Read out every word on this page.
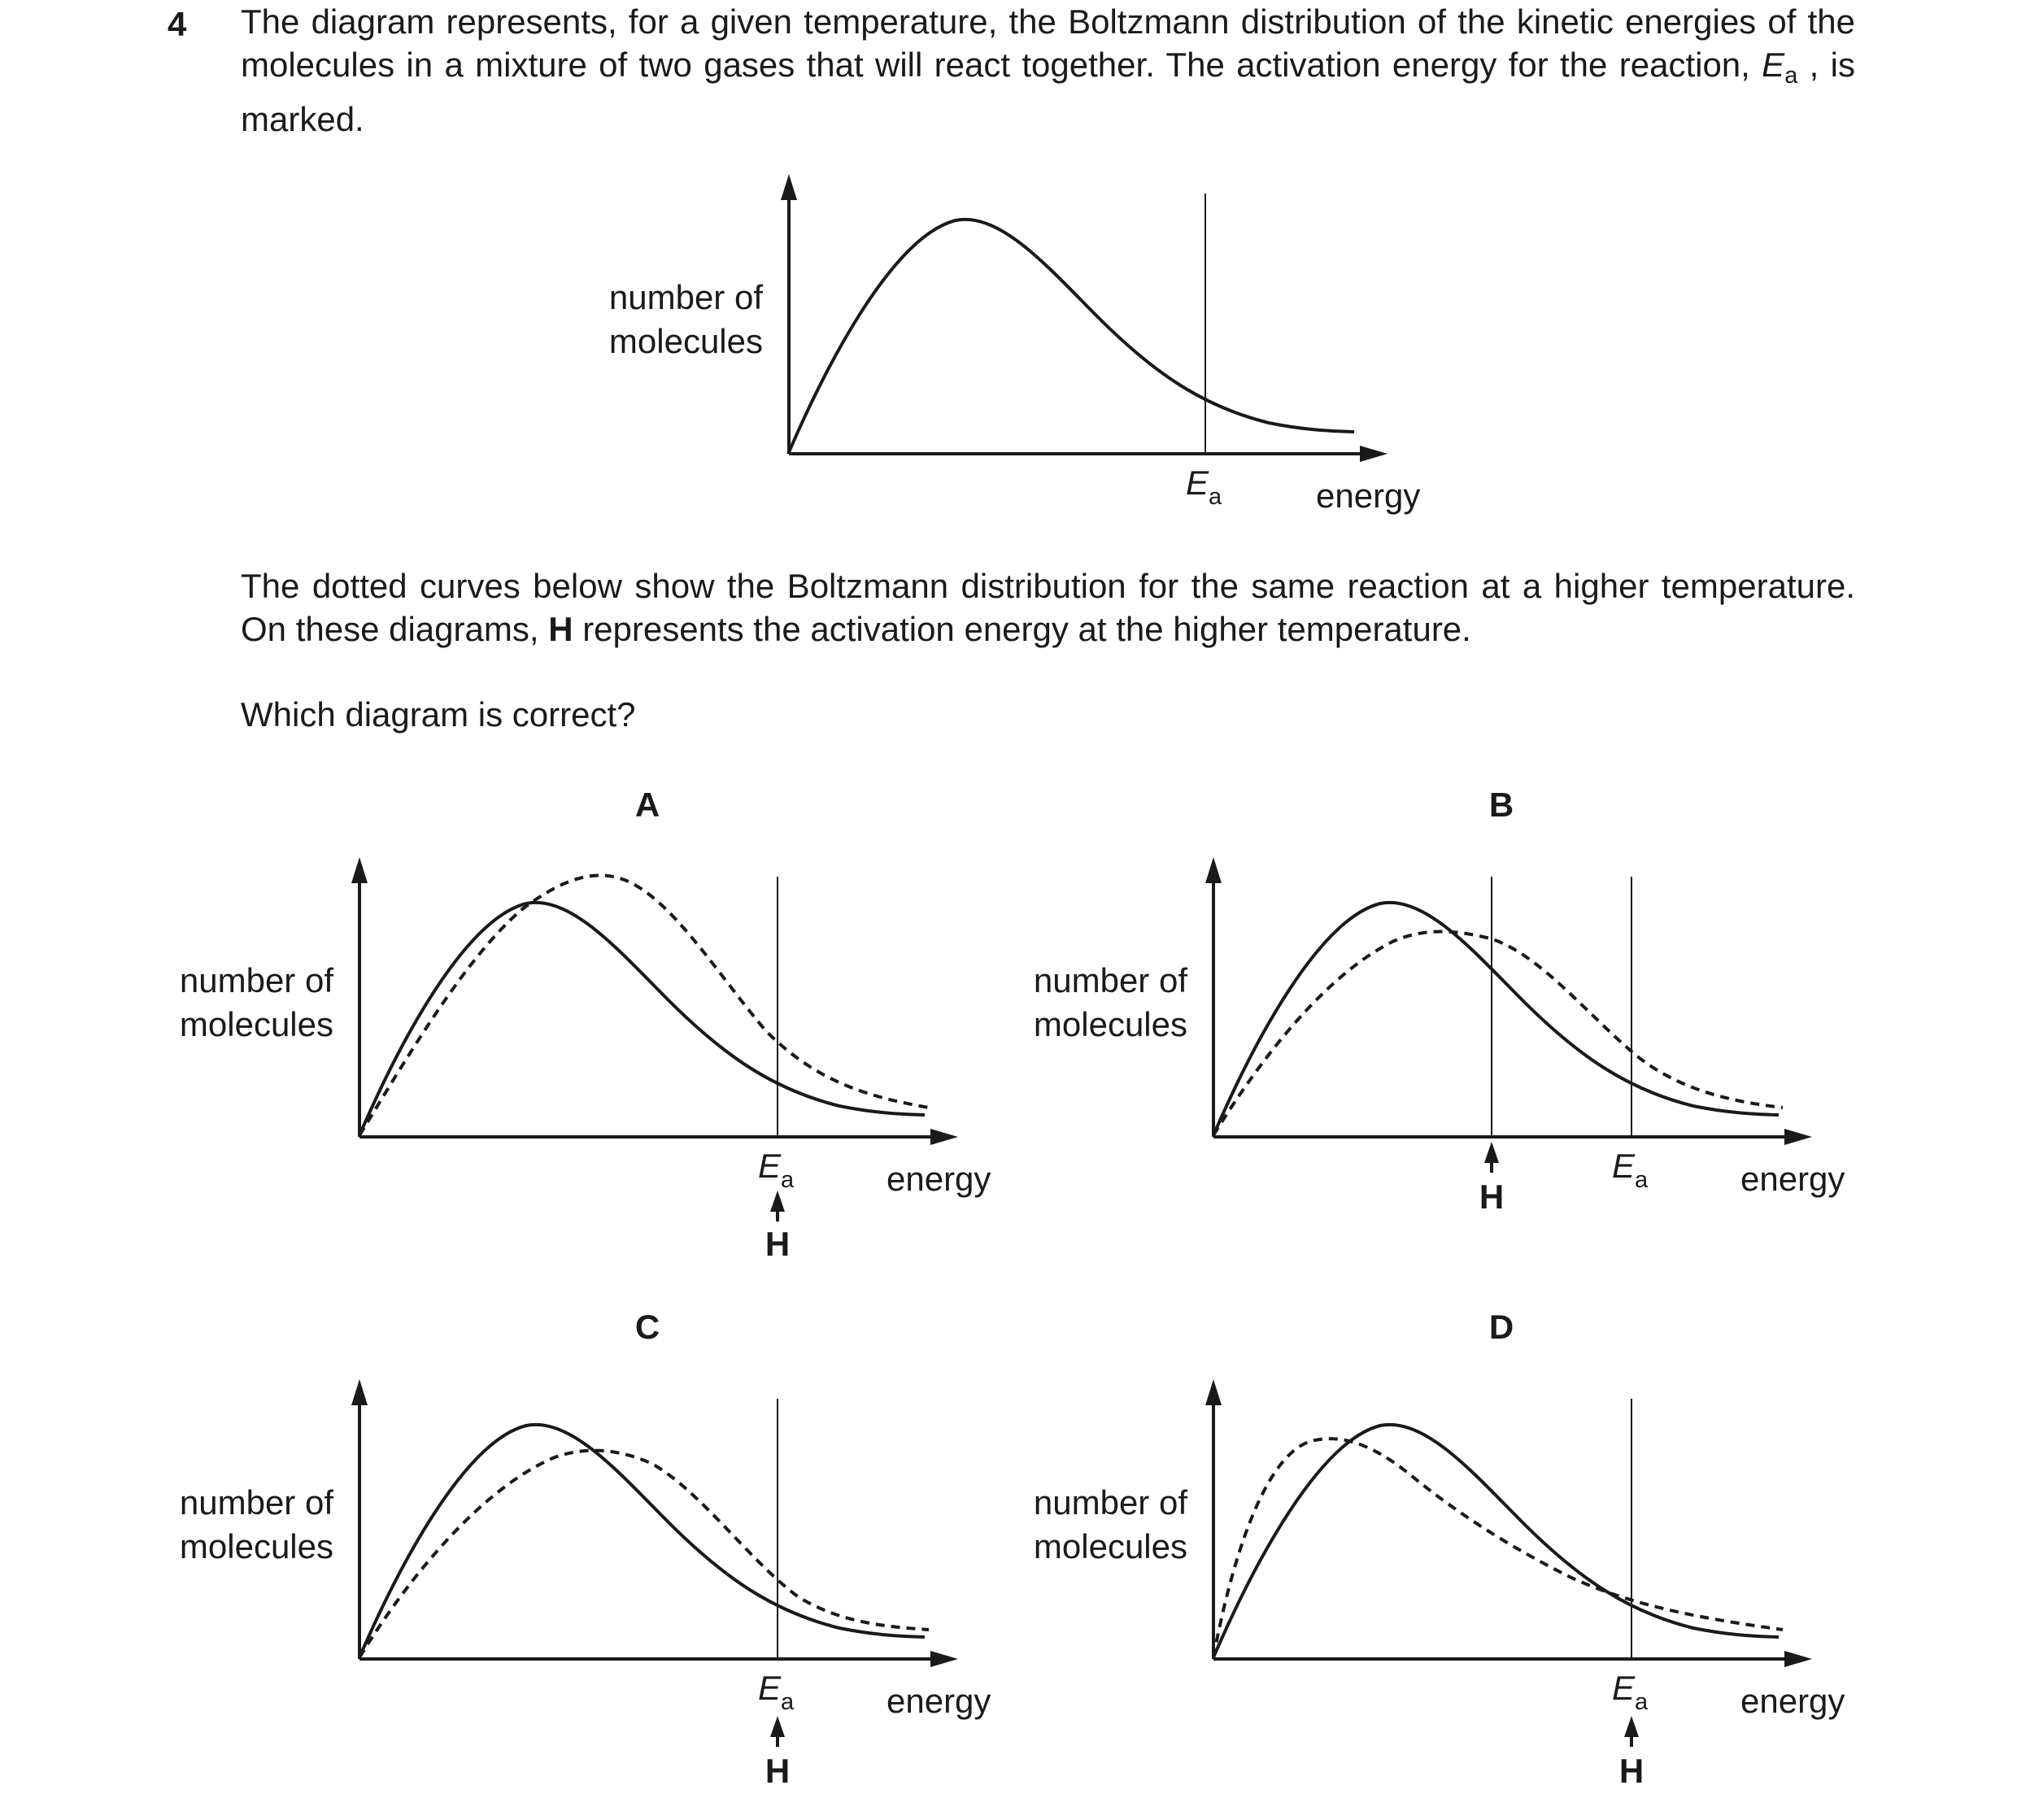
4 The diagram represents, for a given temperature, the Boltzmann distribution of the kinetic energies of the molecules in a mixture of two gases that will react together. The activation energy for the reaction, Ea , is marked.

The dotted curves below show the Boltzmann distribution for the same reaction at a higher temperature. On these diagrams, H represents the activation energy at the higher temperature.

Which diagram is correct?

number of
molecules
Ea	energy
A
number of
molecules
Ea	energy
H
B
number of
molecules
H
Ea	energy
C
number of
molecules
Ea	energy
H
D
number of
molecules
Ea	energy
H
